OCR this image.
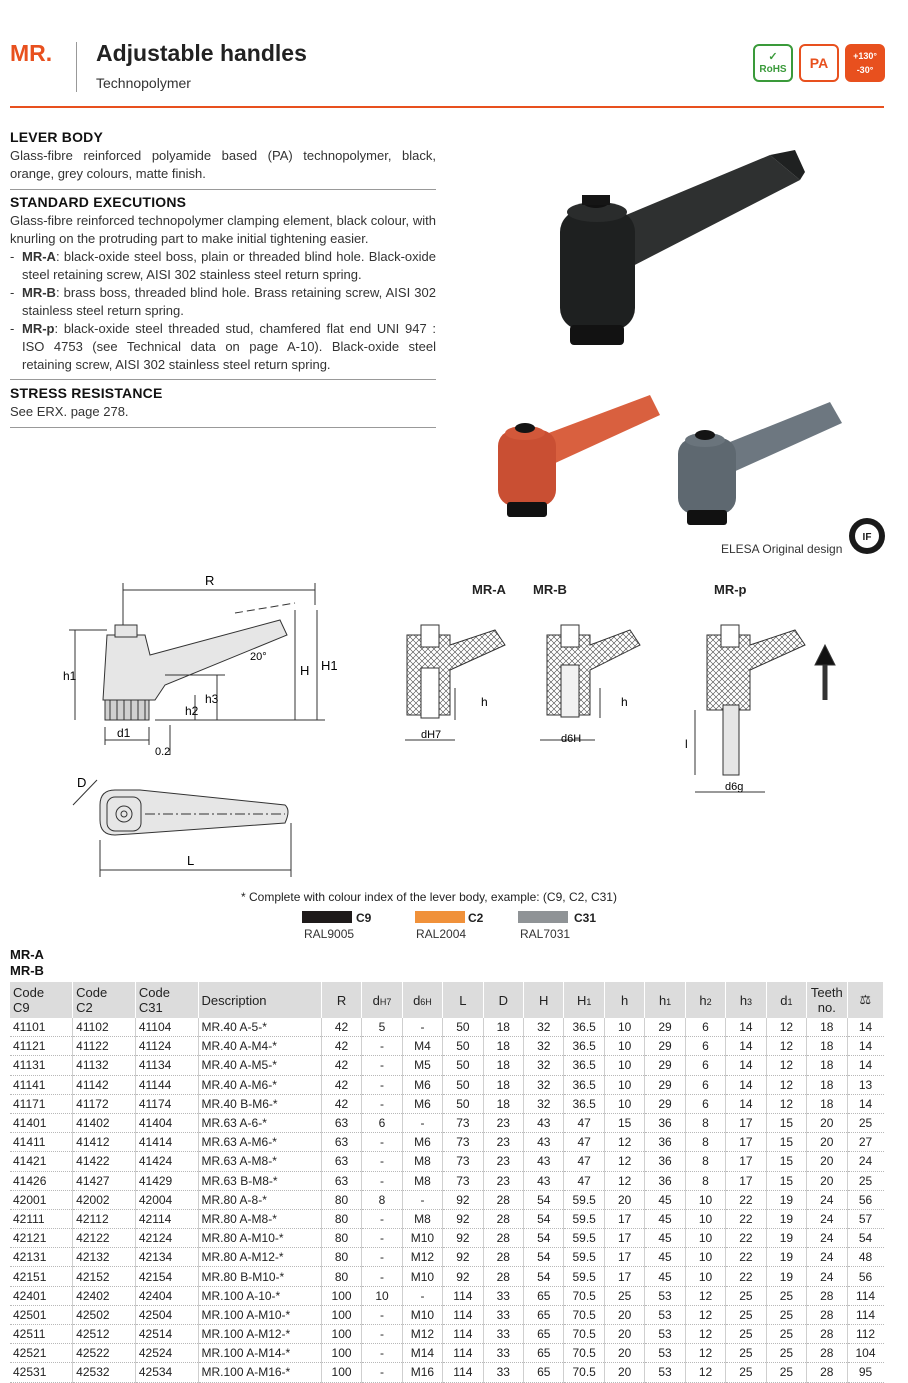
MR. Adjustable handles
Technopolymer
✓
RoHS PA	+130°
-30°
LEVER BODY
Glass-fibre reinforced polyamide based (PA) technopolymer, black, orange, grey colours, matte finish.
STANDARD EXECUTIONS
Glass-fibre reinforced technopolymer clamping element, black colour, with knurling on the protruding part to make initial tightening easier.
- MR-A: black-oxide steel boss, plain or threaded blind hole. Black-oxide steel retaining screw, AISI 302 stainless steel return spring.
- MR-B: brass boss, threaded blind hole. Brass retaining screw, AISI 302 stainless steel return spring.
- MR-p: black-oxide steel threaded stud, chamfered flat end UNI 947 : ISO 4753 (see Technical data on page A-10). Black-oxide steel retaining screw, AISI 302 stainless steel return spring.
STRESS RESISTANCE
See ERX. page 278.
IF
ELESA Original design
R
H H1
h1
h2
h3
d1
20°
0.2
D
L
MR-A MR-B	MR-p
h
dH7
h
d6H	l
d6g
* Complete with colour index of the lever body, example: (C9, C2, C31)
C9
RAL9005
C2
RAL2004
C31
RAL7031
MR-A
MR-B
Code
C9	Code
C2	Code
C31	Description	R	dH7	d6H	L	D	H	H1	h	h1	h2	h3	d1	Teeth
no.	⚖
41101	41102	41104	MR.40 A-5-*	42	5	-	50	18	32	36.5	10	29	6	14	12	18	14
41121	41122	41124	MR.40 A-M4-*	42	-	M4	50	18	32	36.5	10	29	6	14	12	18	14
41131	41132	41134	MR.40 A-M5-*	42	-	M5	50	18	32	36.5	10	29	6	14	12	18	14
41141	41142	41144	MR.40 A-M6-*	42	-	M6	50	18	32	36.5	10	29	6	14	12	18	13
41171	41172	41174	MR.40 B-M6-*	42	-	M6	50	18	32	36.5	10	29	6	14	12	18	14
41401	41402	41404	MR.63 A-6-*	63	6	-	73	23	43	47	15	36	8	17	15	20	25
41411	41412	41414	MR.63 A-M6-*	63	-	M6	73	23	43	47	12	36	8	17	15	20	27
41421	41422	41424	MR.63 A-M8-*	63	-	M8	73	23	43	47	12	36	8	17	15	20	24
41426	41427	41429	MR.63 B-M8-*	63	-	M8	73	23	43	47	12	36	8	17	15	20	25
42001	42002	42004	MR.80 A-8-*	80	8	-	92	28	54	59.5	20	45	10	22	19	24	56
42111	42112	42114	MR.80 A-M8-*	80	-	M8	92	28	54	59.5	17	45	10	22	19	24	57
42121	42122	42124	MR.80 A-M10-*	80	-	M10	92	28	54	59.5	17	45	10	22	19	24	54
42131	42132	42134	MR.80 A-M12-*	80	-	M12	92	28	54	59.5	17	45	10	22	19	24	48
42151	42152	42154	MR.80 B-M10-*	80	-	M10	92	28	54	59.5	17	45	10	22	19	24	56
42401	42402	42404	MR.100 A-10-*	100	10	-	114	33	65	70.5	25	53	12	25	25	28	114
42501	42502	42504	MR.100 A-M10-*	100	-	M10	114	33	65	70.5	20	53	12	25	25	28	114
42511	42512	42514	MR.100 A-M12-*	100	-	M12	114	33	65	70.5	20	53	12	25	25	28	112
42521	42522	42524	MR.100 A-M14-*	100	-	M14	114	33	65	70.5	20	53	12	25	25	28	104
42531	42532	42534	MR.100 A-M16-*	100	-	M16	114	33	65	70.5	20	53	12	25	25	28	95
